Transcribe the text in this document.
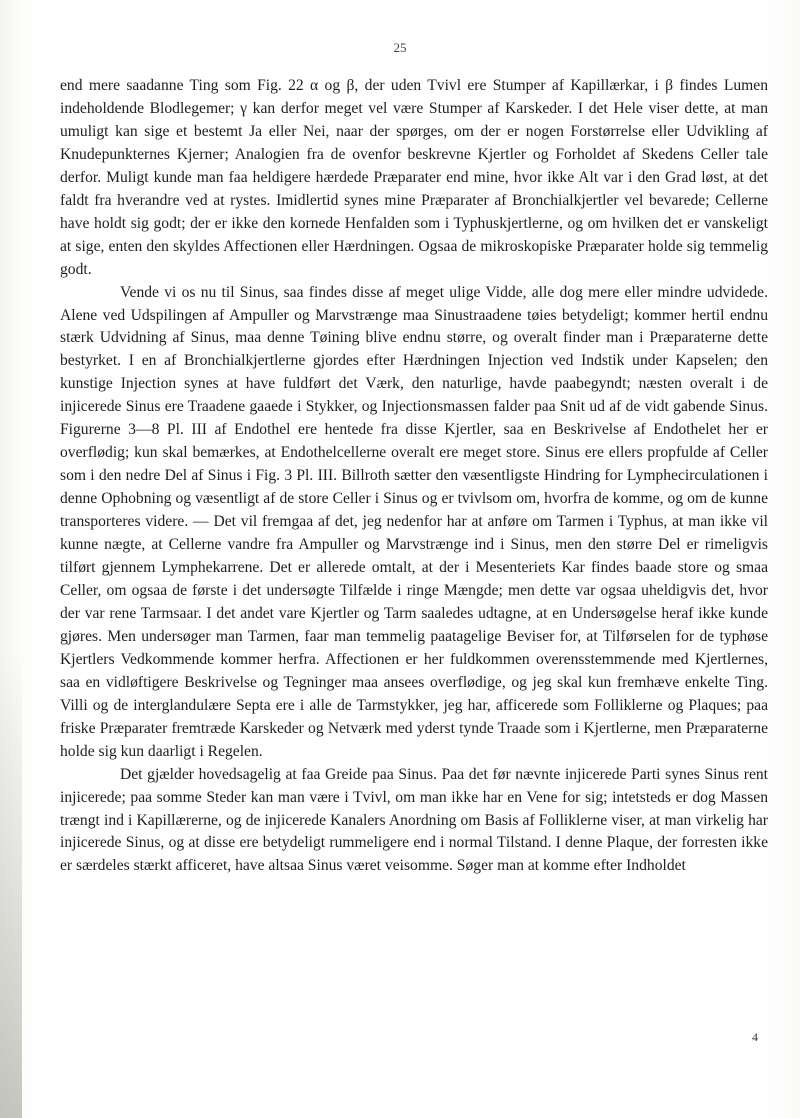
25

end mere saadanne Ting som Fig. 22 α og β, der uden Tvivl ere Stumper af Kapillærkar, i β findes Lumen indeholdende Blodlegemer; γ kan derfor meget vel være Stumper af Karskeder. I det Hele viser dette, at man umuligt kan sige et bestemt Ja eller Nei, naar der spørges, om der er nogen Forstørrelse eller Udvikling af Knudepunkternes Kjerner; Analogien fra de ovenfor beskrevne Kjertler og Forholdet af Skedens Celler tale derfor. Muligt kunde man faa heldigere hærdede Præparater end mine, hvor ikke Alt var i den Grad løst, at det faldt fra hverandre ved at rystes. Imidlertid synes mine Præparater af Bronchialkjertler vel bevarede; Cellerne have holdt sig godt; der er ikke den kornede Henfalden som i Typhuskjertlerne, og om hvilken det er vanskeligt at sige, enten den skyldes Affectionen eller Hærdningen. Ogsaa de mikroskopiske Præparater holde sig temmelig godt.

Vende vi os nu til Sinus, saa findes disse af meget ulige Vidde, alle dog mere eller mindre udvidede. Alene ved Udspilingen af Ampuller og Marvstrænge maa Sinustraadene tøies betydeligt; kommer hertil endnu stærk Udvidning af Sinus, maa denne Tøining blive endnu større, og overalt finder man i Præparaterne dette bestyrket. I en af Bronchialkjertlerne gjordes efter Hærdningen Injection ved Indstik under Kapselen; den kunstige Injection synes at have fuldført det Værk, den naturlige, havde paabegyndt; næsten overalt i de injicerede Sinus ere Traadene gaaede i Stykker, og Injectionsmassen falder paa Snit ud af de vidt gabende Sinus. Figurerne 3—8 Pl. III af Endothel ere hentede fra disse Kjertler, saa en Beskrivelse af Endothelet her er overflødig; kun skal bemærkes, at Endothelcellerne overalt ere meget store. Sinus ere ellers propfulde af Celler som i den nedre Del af Sinus i Fig. 3 Pl. III. Billroth sætter den væsentligste Hindring for Lymphecirculationen i denne Ophobning og væsentligt af de store Celler i Sinus og er tvivlsom om, hvorfra de komme, og om de kunne transporteres videre. — Det vil fremgaa af det, jeg nedenfor har at anføre om Tarmen i Typhus, at man ikke vil kunne nægte, at Cellerne vandre fra Ampuller og Marvstrænge ind i Sinus, men den større Del er rimeligvis tilført gjennem Lymphekarrene. Det er allerede omtalt, at der i Mesenteriets Kar findes baade store og smaa Celler, om ogsaa de første i det undersøgte Tilfælde i ringe Mængde; men dette var ogsaa uheldigvis det, hvor der var rene Tarmsaar. I det andet vare Kjertler og Tarm saaledes udtagne, at en Undersøgelse heraf ikke kunde gjøres. Men undersøger man Tarmen, faar man temmelig paatagelige Beviser for, at Tilførselen for de typhøse Kjertlers Vedkommende kommer herfra. Affectionen er her fuldkommen overensstemmende med Kjertlernes, saa en vidløftigere Beskrivelse og Tegninger maa ansees overflødige, og jeg skal kun fremhæve enkelte Ting. Villi og de interglandulære Septa ere i alle de Tarmstykker, jeg har, afficerede som Folliklerne og Plaques; paa friske Præparater fremtræde Karskeder og Netværk med yderst tynde Traade som i Kjertlerne, men Præparaterne holde sig kun daarligt i Regelen.

Det gjælder hovedsagelig at faa Greide paa Sinus. Paa det før nævnte injicerede Parti synes Sinus rent injicerede; paa somme Steder kan man være i Tvivl, om man ikke har en Vene for sig; intetsteds er dog Massen trængt ind i Kapillærerne, og de injicerede Kanalers Anordning om Basis af Folliklerne viser, at man virkelig har injicerede Sinus, og at disse ere betydeligt rummeligere end i normal Tilstand. I denne Plaque, der forresten ikke er særdeles stærkt afficeret, have altsaa Sinus været veisomme. Søger man at komme efter Indholdet

4
